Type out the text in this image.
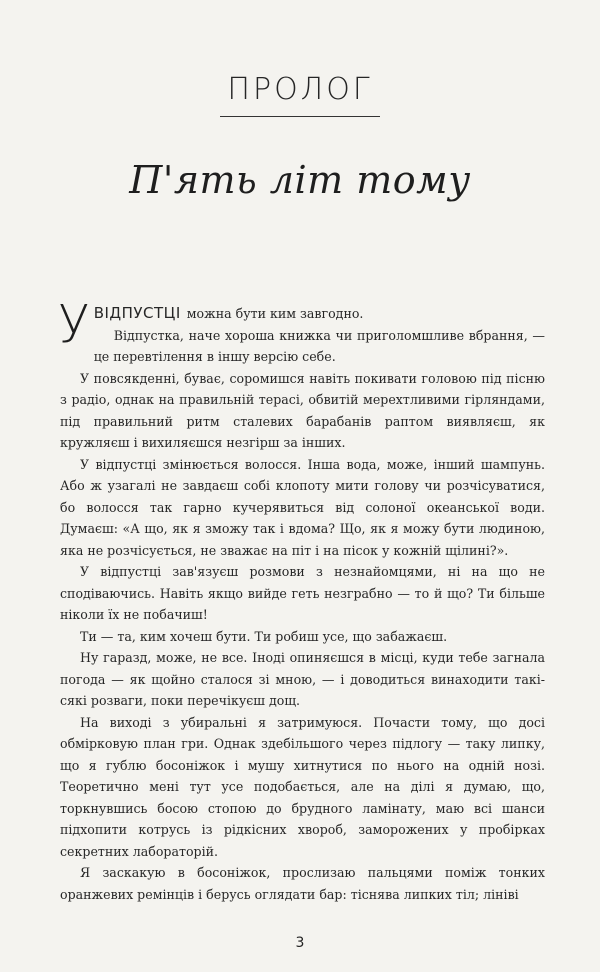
ПРОЛОГ
П'ять літ тому

УВІДПУСТЦІ можна бути ким завгодно.

Відпустка, наче хороша книжка чи приголомшливе вбрання, — це перевтілення в іншу версію себе.

У повсякденні, буває, соромишся навіть покивати головою під пісню з радіо, однак на правильній терасі, обвитій мерехтливими гірляндами, під правильний ритм сталевих барабанів раптом виявляєш, як кружляєш і вихиляєшся незгірш за інших.

У відпустці змінюється волосся. Інша вода, може, інший шампунь. Або ж узагалі не завдаєш собі клопоту мити голову чи розчісуватися, бо волосся так гарно кучерявиться від солоної океанської води. Думаєш: «А що, як я зможу так і вдома? Що, як я можу бути людиною, яка не розчісується, не зважає на піт і на пісок у кожній щілині?».

У відпустці зав'язуєш розмови з незнайомцями, ні на що не сподіваючись. Навіть якщо вийде геть незграбно — то й що? Ти більше ніколи їх не побачиш!

Ти — та, ким хочеш бути. Ти робиш усе, що забажаєш.

Ну гаразд, може, не все. Іноді опиняєшся в місці, куди тебе загнала погода — як щойно сталося зі мною, — і доводиться винаходити такі-сякі розваги, поки перечікуєш дощ.

На виході з убиральні я затримуюся. Почасти тому, що досі обмірковую план гри. Однак здебільшого через підлогу — таку липку, що я гублю босоніжок і мушу хитнутися по нього на одній нозі. Теоретично мені тут усе подобається, але на ділі я думаю, що, торкнувшись босою стопою до брудного ламінату, маю всі шанси підхопити котрусь із рідкісних хвороб, заморожених у пробірках секретних лабораторій.

Я заскакую в босоніжок, прослизаю пальцями поміж тонких оранжевих ремінців і берусь оглядати бар: тіснява липких тіл; лініві

3
